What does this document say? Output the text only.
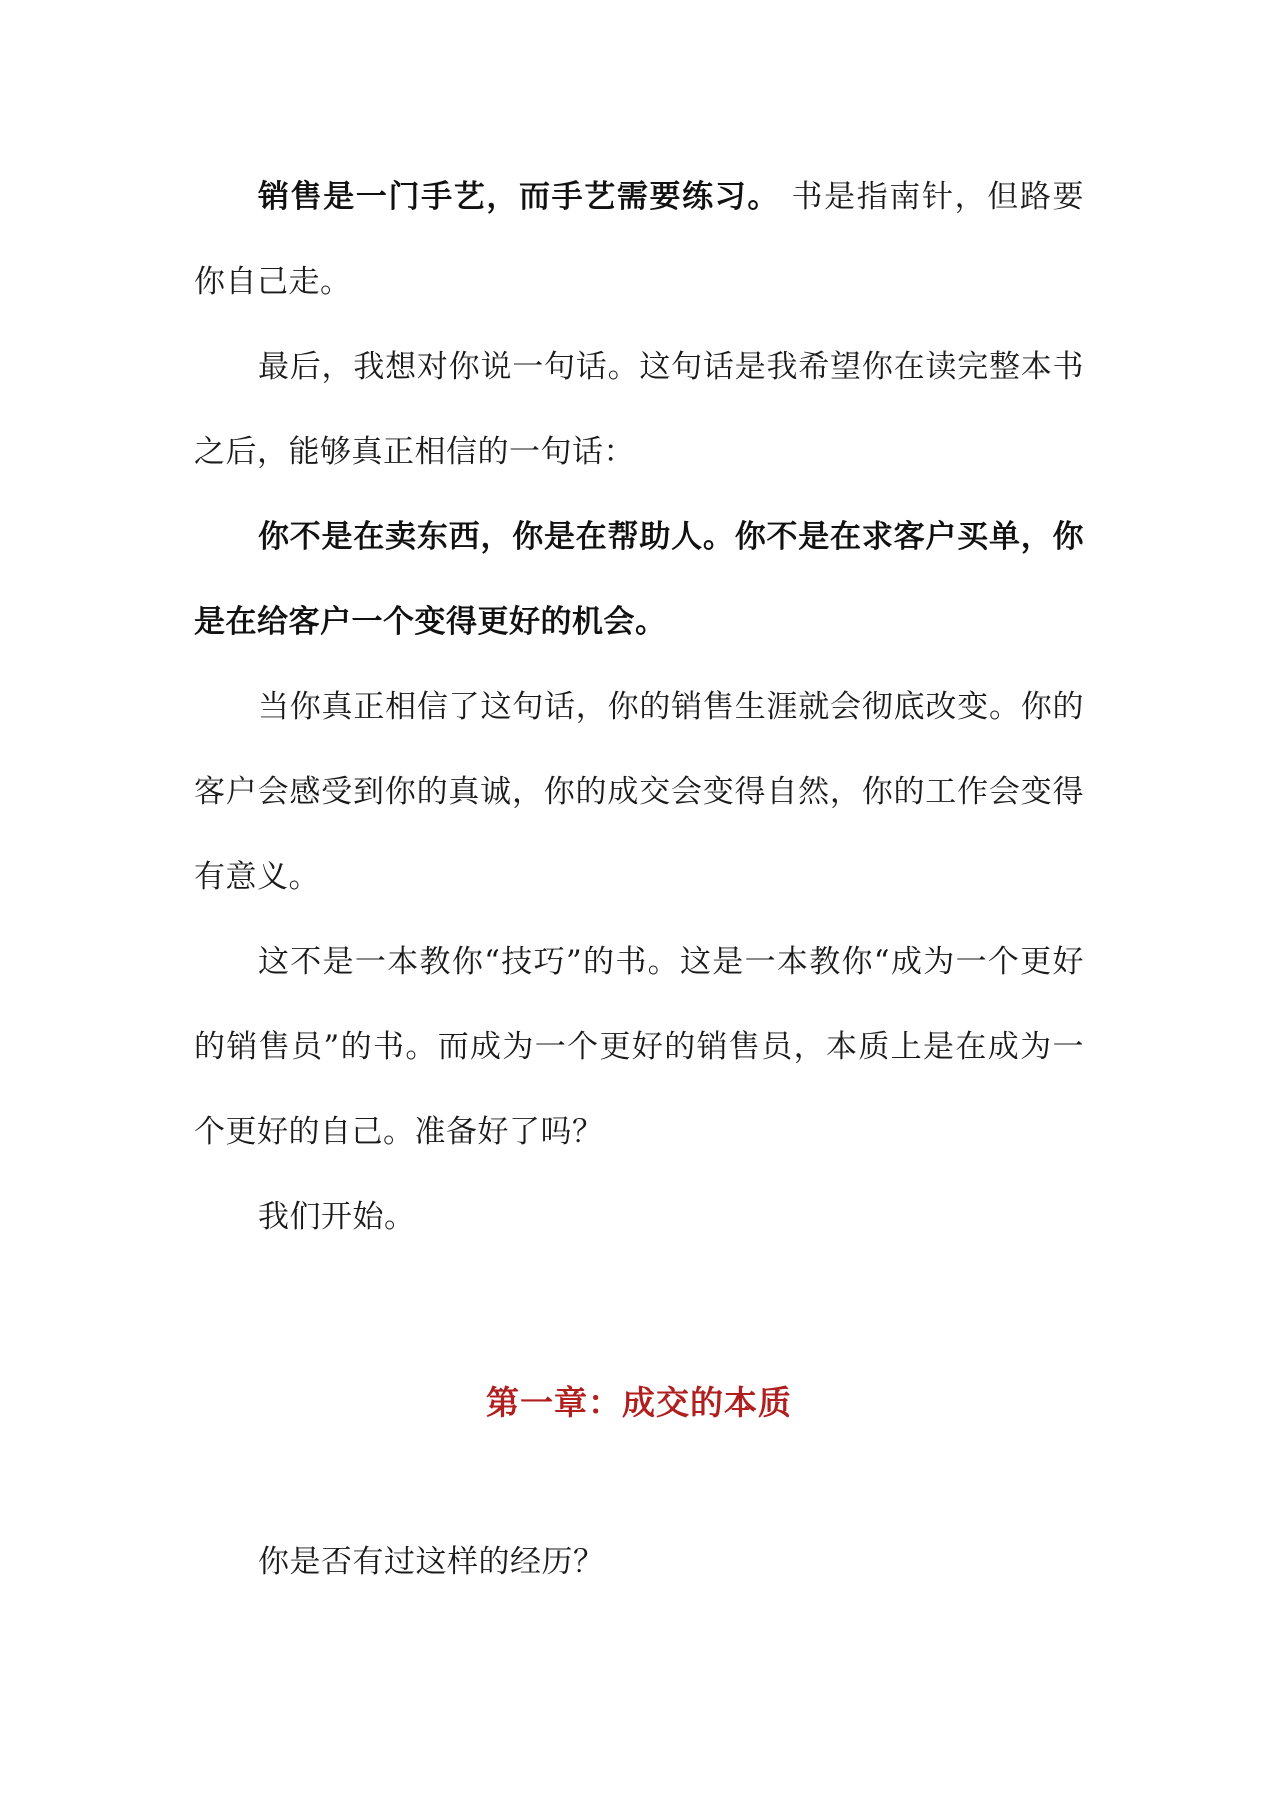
销售是一门手艺，而手艺需要练习。 书是指南针，但路要你自己走。
最后，我想对你说一句话。这句话是我希望你在读完整本书之后，能够真正相信的一句话：
你不是在卖东西，你是在帮助人。你不是在求客户买单，你是在给客户一个变得更好的机会。
当你真正相信了这句话，你的销售生涯就会彻底改变。你的客户会感受到你的真诚，你的成交会变得自然，你的工作会变得有意义。
这不是一本教你“技巧”的书。这是一本教你“成为一个更好的销售员”的书。而成为一个更好的销售员，本质上是在成为一个更好的自己。准备好了吗？
我们开始。
第一章：成交的本质
你是否有过这样的经历？
